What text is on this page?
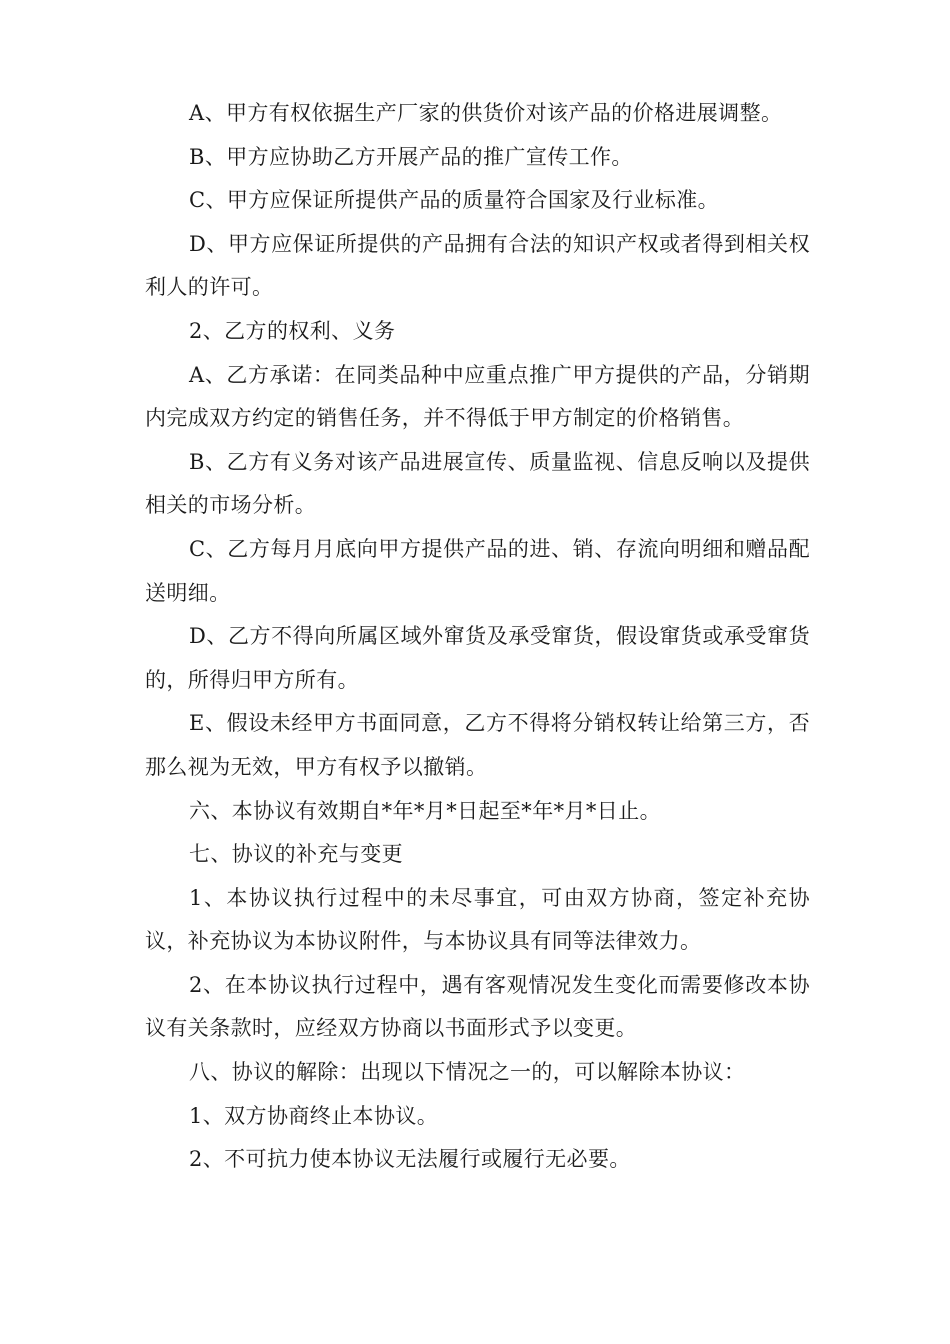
A、甲方有权依据生产厂家的供货价对该产品的价格进展调整。

B、甲方应协助乙方开展产品的推广宣传工作。

C、甲方应保证所提供产品的质量符合国家及行业标准。

D、甲方应保证所提供的产品拥有合法的知识产权或者得到相关权利人的许可。

2、乙方的权利、义务

A、乙方承诺：在同类品种中应重点推广甲方提供的产品，分销期内完成双方约定的销售任务，并不得低于甲方制定的价格销售。

B、乙方有义务对该产品进展宣传、质量监视、信息反响以及提供相关的市场分析。

C、乙方每月月底向甲方提供产品的进、销、存流向明细和赠品配送明细。

D、乙方不得向所属区域外窜货及承受窜货，假设窜货或承受窜货的，所得归甲方所有。

E、假设未经甲方书面同意，乙方不得将分销权转让给第三方，否那么视为无效，甲方有权予以撤销。

六、本协议有效期自*年*月*日起至*年*月*日止。

七、协议的补充与变更

1、本协议执行过程中的未尽事宜，可由双方协商，签定补充协议，补充协议为本协议附件，与本协议具有同等法律效力。

2、在本协议执行过程中，遇有客观情况发生变化而需要修改本协议有关条款时，应经双方协商以书面形式予以变更。

八、协议的解除：出现以下情况之一的，可以解除本协议：

1、双方协商终止本协议。

2、不可抗力使本协议无法履行或履行无必要。
